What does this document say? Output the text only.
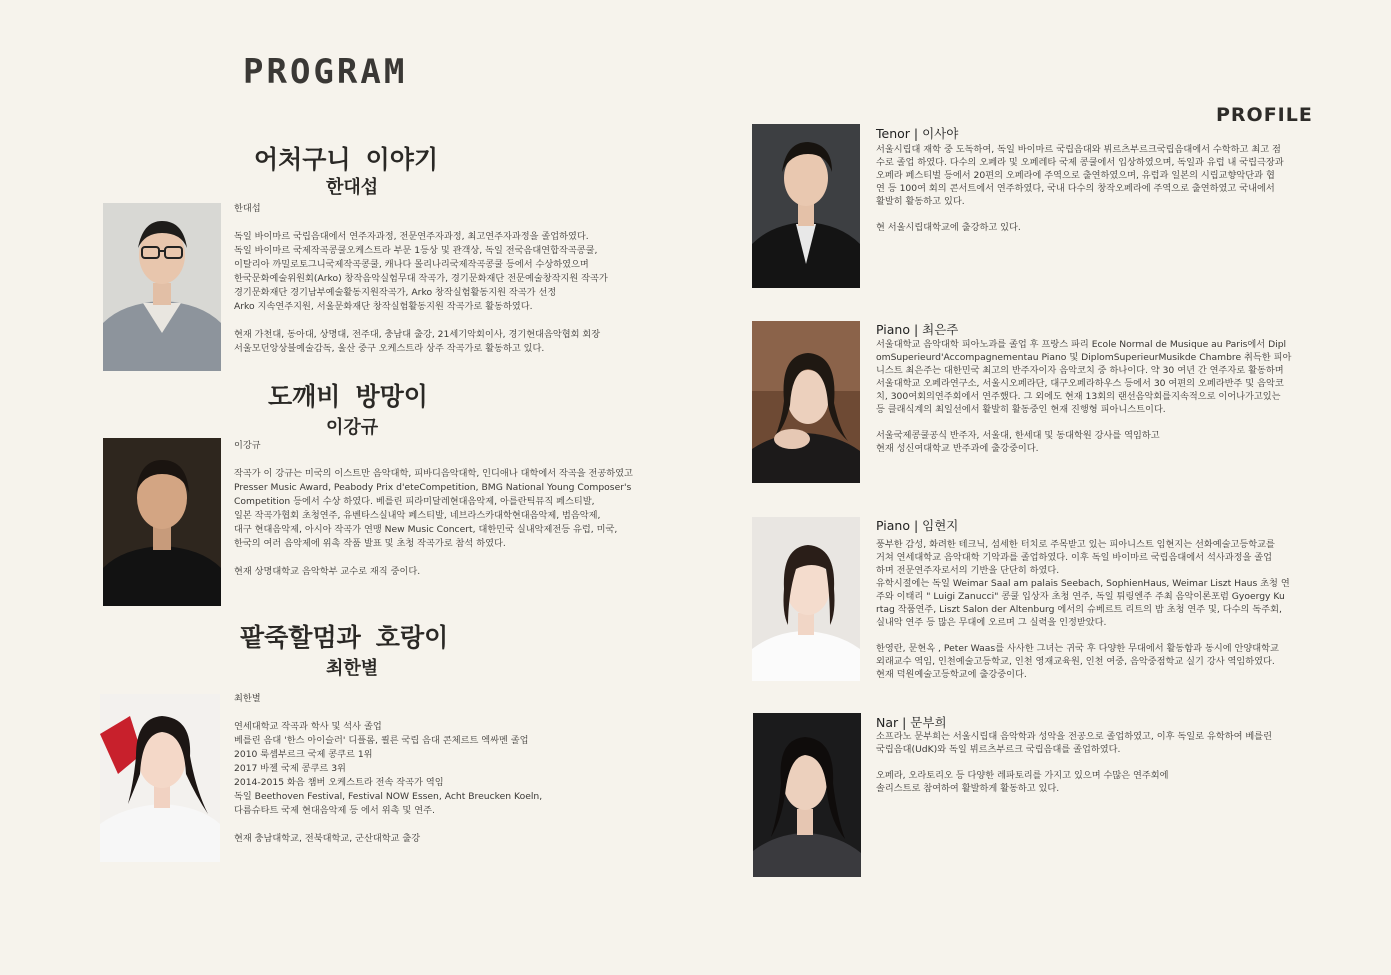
PROGRAM
어처구니 이야기
한대섭
한대섭

독일 바이마르 국립음대에서 연주자과정, 전문연주자과정, 최고연주자과정을 졸업하였다.
독일 바이마르 국제작곡콩쿨오케스트라 부문 1등상 및 관객상, 독일 전국음대연합작곡콩쿨,
이탈리아 까밀로토그니국제작곡콩쿨, 캐나다 몰리나리국제작곡콩쿨 등에서 수상하였으며
한국문화예술위원회(Arko) 창작음악실험무대 작곡가, 경기문화재단 전문예술창작지원 작곡가
경기문화재단 경기남부예술활동지원작곡가, Arko 창작실험활동지원 작곡가 선정
Arko 지속연주지원, 서울문화재단 창작실험활동지원 작곡가로 활동하였다.

현재 가천대, 동아대, 상명대, 전주대, 충남대 출강, 21세기악회이사, 경기현대음악협회 회장
서울모던앙상블예술감독, 울산 중구 오케스트라 상주 작곡가로 활동하고 있다.
도깨비 방망이
이강규
이강규

작곡가 이 강규는 미국의 이스트만 음악대학, 피바디음악대학, 인디애나 대학에서 작곡을 전공하였고
Presser Music Award, Peabody Prix d'eteCompetition, BMG National Young Composer's
Competition 등에서 수상 하였다. 베를린 피라미달레현대음악제, 아를란틱뮤직 페스티발,
일본 작곡가협회 초청연주, 유벤타스실내악 페스티발, 네브라스카대학현대음악제, 범음악제,
대구 현대음악제, 아시아 작곡가 연맹 New Music Concert, 대한민국 실내악제전등 유럽, 미국,
한국의 여러 음악제에 위촉 작품 발표 및 초청 작곡가로 참석 하였다.

현재 상명대학교 음악학부 교수로 재직 중이다.
팥죽할멈과 호랑이
최한별
최한별

연세대학교 작곡과 학사 및 석사 졸업
베를린 음대 '한스 아이슬러' 디플롬, 쾰른 국립 음대 콘체르트 엑싸멘 졸업
2010 룩셈부르크 국제 콩쿠르 1위
2017 바젤 국제 콩쿠르 3위
2014-2015 화음 챔버 오케스트라 전속 작곡가 역임
독일 Beethoven Festival, Festival NOW Essen, Acht Breucken Koeln,
다름슈타트 국제 현대음악제 등 에서 위촉 및 연주.

현재 충남대학교, 전북대학교, 군산대학교 출강
PROFILE
Tenor | 이사야
서울시립대 재학 중 도독하여, 독일 바이마르 국립음대와 뷔르츠부르크국립음대에서 수학하고 최고 점
수로 졸업 하였다. 다수의 오페라 및 오페레타 국제 콩쿨에서 입상하였으며, 독일과 유럽 내 국립극장과
오페라 페스티벌 등에서 20편의 오페라에 주역으로 출연하였으며, 유럽과 일본의 시립교향악단과 협
연 등 100여 회의 콘서트에서 연주하였다, 국내 다수의 창작오페라에 주역으로 출연하였고 국내에서
활발히 활동하고 있다.

현 서울시립대학교에 출강하고 있다.
Piano | 최은주
서울대학교 음악대학 피아노과를 졸업 후 프랑스 파리 Ecole Normal de Musique au Paris에서 Dipl
omSuperieurd'Accompagnementau Piano 및 DiplomSuperieurMusikde Chambre 취득한 피아
니스트 최은주는 대한민국 최고의 반주자이자 음악코치 중 하나이다. 약 30 여년 간 연주자로 활동하며
서울대학교 오페라연구소, 서울시오페라단, 대구오페라하우스 등에서 30 여편의 오페라반주 및 음악코
치, 300여회의연주회에서 연주했다. 그 외에도 현재 13회의 랜선음악회를지속적으로 이어나가고있는
등 클래식계의 최일선에서 활발히 활동중인 현재 진행형 피아니스트이다.

서울국제콩쿨공식 반주자, 서울대, 한세대 및 동대학원 강사를 역임하고
현재 성신여대학교 반주과에 출강중이다.
Piano | 임현지
풍부한 감성, 화려한 테크닉, 섬세한 터치로 주목받고 있는 피아니스트 임현지는 선화예술고등학교를
거쳐 연세대학교 음악대학 기악과를 졸업하였다. 이후 독일 바이마르 국립음대에서 석사과정을 졸업
하며 전문연주자로서의 기반을 단단히 하였다.
유학시절에는 독일 Weimar Saal am palais Seebach, SophienHaus, Weimar Liszt Haus 초청 연
주와 이태리 " Luigi Zanucci" 콩쿨 입상자 초청 연주, 독일 튀링엔주 주최 음악이론포럼 Gyoergy Ku
rtag 작품연주, Liszt Salon der Altenburg 에서의 슈베르트 리트의 밤 초청 연주 및, 다수의 독주회,
실내악 연주 등 많은 무대에 오르며 그 실력을 인정받았다.

한영란, 문현옥 , Peter Waas를 사사한 그녀는 귀국 후 다양한 무대에서 활동함과 동시에 안양대학교
외래교수 역임, 인천예술고등학교, 인천 영재교육원, 인천 여중, 음악중점학교 실기 강사 역임하였다.
현재 덕원예술고등학교에 출강중이다.
Nar | 문부희
소프라노 문부희는 서울시립대 음악학과 성악을 전공으로 졸업하였고, 이후 독일로 유학하여 베를린
국립음대(UdK)와 독일 뷔르츠부르크 국립음대를 졸업하였다.

오페라, 오라토리오 등 다양한 레파토리를 가지고 있으며 수많은 연주회에
솔리스트로 참여하여 활발하게 활동하고 있다.
